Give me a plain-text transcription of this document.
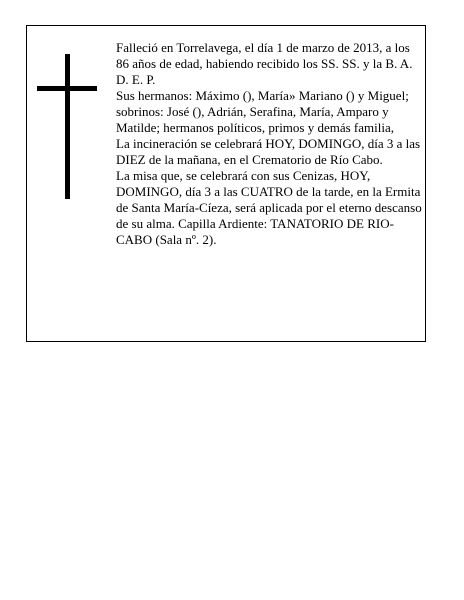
Falleció en Torrelavega, el día 1 de marzo de 2013, a los 86 años de edad, habiendo recibido los SS. SS. y la B. A.

D. E. P.

Sus hermanos: Máximo (), María» Mariano () y Miguel; sobrinos: José (), Adrián, Serafina, María, Amparo y Matilde; hermanos políticos, primos y demás familia,

La incineración se celebrará HOY, DOMINGO, día 3 a las DIEZ de la mañana, en el Crematorio de Río Cabo.

La misa que, se celebrará con sus Cenizas, HOY, DOMINGO, día 3 a las CUATRO de la tarde, en la Ermita de Santa María-Cíeza, será aplicada por el eterno descanso de su alma. Capilla Ardiente: TANATORIO DE RIO-CABO (Sala nº. 2).
